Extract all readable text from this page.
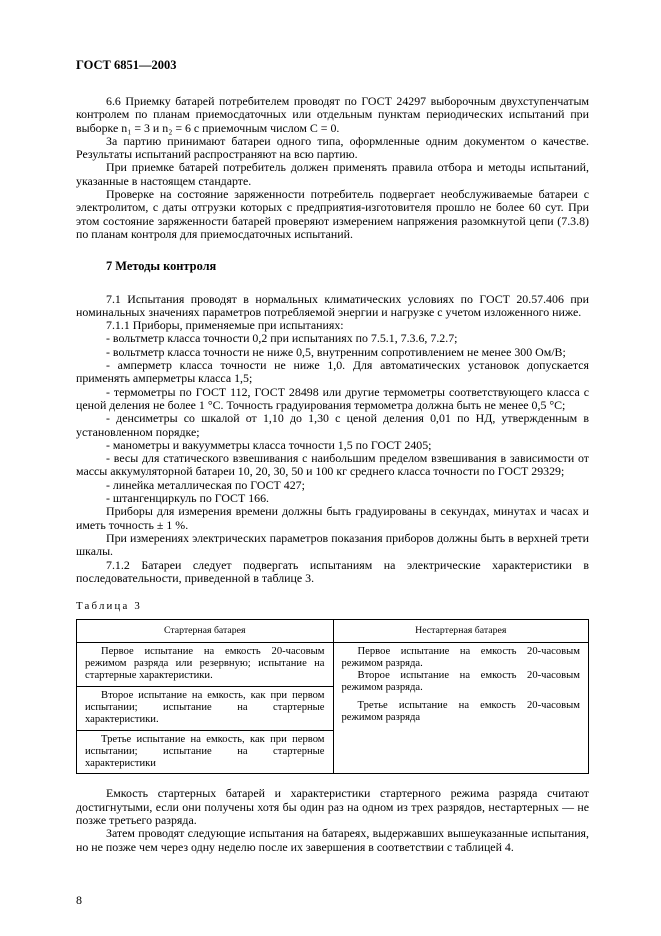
ГОСТ 6851—2003

6.6 Приемку батарей потребителем проводят по ГОСТ 24297 выборочным двухступенчатым контролем по планам приемосдаточных или отдельным пунктам периодических испытаний при выборке n₁ = 3 и n₂ = 6 с приемочным числом С = 0.

За партию принимают батареи одного типа, оформленные одним документом о качестве. Результаты испытаний распространяют на всю партию.

При приемке батарей потребитель должен применять правила отбора и методы испытаний, указанные в настоящем стандарте.

Проверке на состояние заряженности потребитель подвергает необслуживаемые батареи с электролитом, с даты отгрузки которых с предприятия-изготовителя прошло не более 60 сут. При этом состояние заряженности батарей проверяют измерением напряжения разомкнутой цепи (7.3.8) по планам контроля для приемосдаточных испытаний.

7 Методы контроля

7.1 Испытания проводят в нормальных климатических условиях по ГОСТ 20.57.406 при номинальных значениях параметров потребляемой энергии и нагрузке с учетом изложенного ниже.

7.1.1 Приборы, применяемые при испытаниях:

- вольтметр класса точности 0,2 при испытаниях по 7.5.1, 7.3.6, 7.2.7;

- вольтметр класса точности не ниже 0,5, внутренним сопротивлением не менее 300 Ом/В;

- амперметр класса точности не ниже 1,0. Для автоматических установок допускается применять амперметры класса 1,5;

- термометры по ГОСТ 112, ГОСТ 28498 или другие термометры соответствующего класса с ценой деления не более 1 °С. Точность градуирования термометра должна быть не менее 0,5 °С;

- денсиметры со шкалой от 1,10 до 1,30 с ценой деления 0,01 по НД, утвержденным в установленном порядке;

- манометры и вакуумметры класса точности 1,5 по ГОСТ 2405;

- весы для статического взвешивания с наибольшим пределом взвешивания в зависимости от массы аккумуляторной батареи 10, 20, 30, 50 и 100 кг среднего класса точности по ГОСТ 29329;

- линейка металлическая по ГОСТ 427;

- штангенциркуль по ГОСТ 166.

Приборы для измерения времени должны быть градуированы в секундах, минутах и часах и иметь точность ± 1 %.

При измерениях электрических параметров показания приборов должны быть в верхней трети шкалы.

7.1.2 Батареи следует подвергать испытаниям на электрические характеристики в последовательности, приведенной в таблице 3.

Таблица 3

Стартерная батарея	Нестартерная батарея

Первое испытание на емкость 20-часовым режимом разряда или резервную; испытание на стартерные характеристики.

Второе испытание на емкость, как при первом испытании; испытание на стартерные характеристики.

Третье испытание на емкость, как при первом испытании; испытание на стартерные характеристики

Первое испытание на емкость 20-часовым режимом разряда.

Второе испытание на емкость 20-часовым режимом разряда.

Третье испытание на емкость 20-часовым режимом разряда

Емкость стартерных батарей и характеристики стартерного режима разряда считают достигнутыми, если они получены хотя бы один раз на одном из трех разрядов, нестартерных — не позже третьего разряда.

Затем проводят следующие испытания на батареях, выдержавших вышеуказанные испытания, но не позже чем через одну неделю после их завершения в соответствии с таблицей 4.

8
